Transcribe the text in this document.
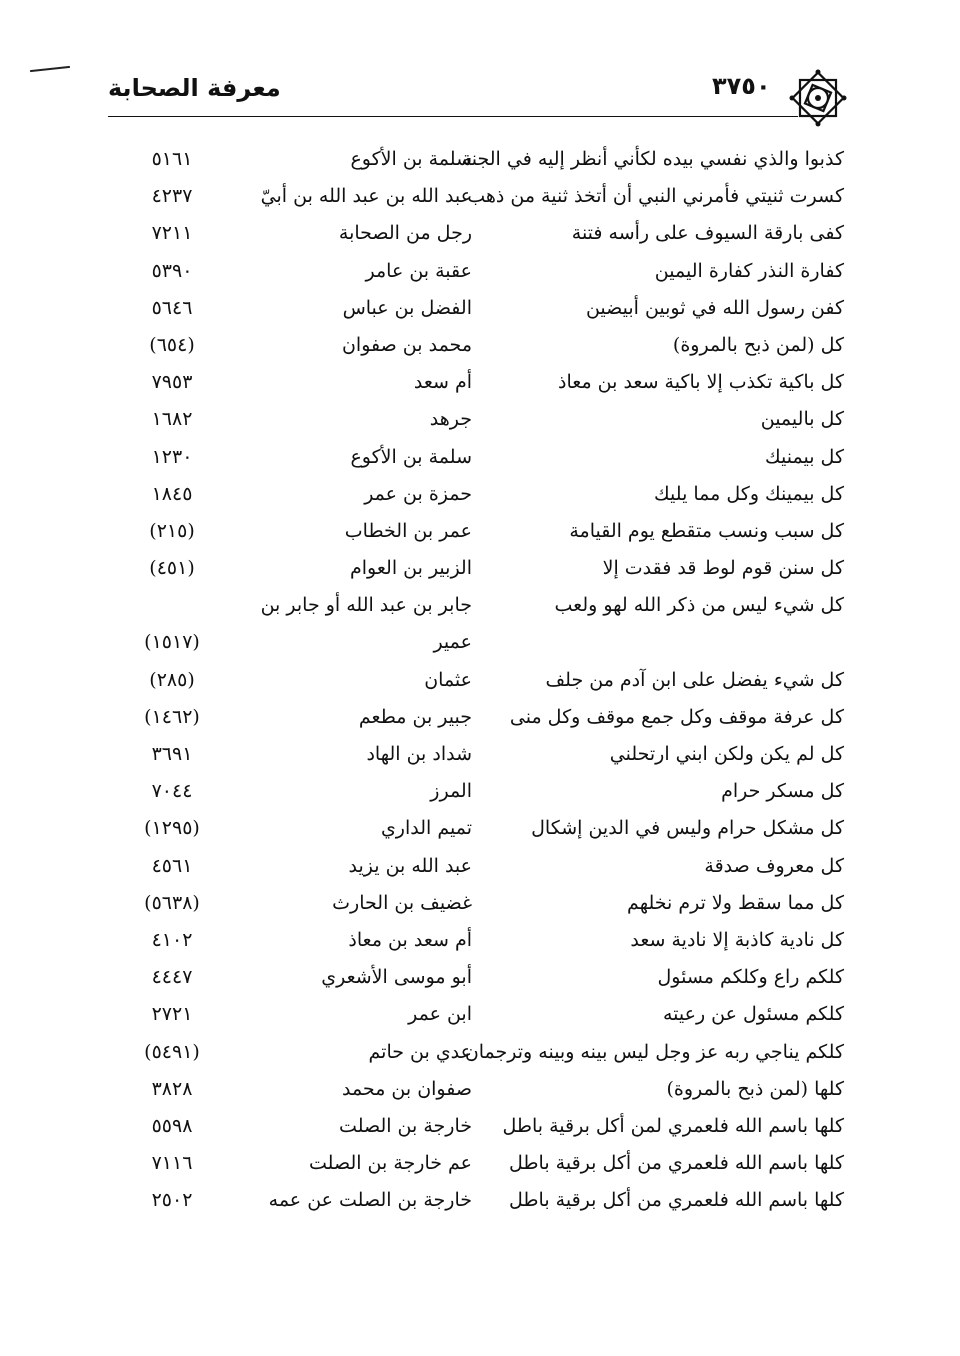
معرفة الصحابة	٣٧٥٠
كذبوا والذي نفسي بيده لكأني أنظر إليه في الجنة
سلمة بن الأكوع
٥١٦١
كسرت ثنيتي فأمرني النبي أن أتخذ ثنية من ذهب
عبد الله بن عبد الله بن أبيّ
٤٢٣٧
كفى بارقة السيوف على رأسه فتنة
رجل من الصحابة
٧٢١١
كفارة النذر كفارة اليمين
عقبة بن عامر
٥٣٩٠
كفن رسول الله في ثوبين أبيضين
الفضل بن عباس
٥٦٤٦
كل (لمن ذبح بالمروة)
محمد بن صفوان
(٦٥٤)
كل باكية تكذب إلا باكية سعد بن معاذ
أم سعد
٧٩٥٣
كل باليمين
جرهد
١٦٨٢
كل بيمنيك
سلمة بن الأكوع
١٢٣٠
كل بيمينك وكل مما يليك
حمزة بن عمر
١٨٤٥
كل سبب ونسب متقطع يوم القيامة
عمر بن الخطاب
(٢١٥)
كل سنن قوم لوط قد فقدت إلا
الزبير بن العوام
(٤٥١)
كل شيء ليس من ذكر الله لهو ولعب
جابر بن عبد الله أو جابر بن
عمير
(١٥١٧)
كل شيء يفضل على ابن آدم من جلف
عثمان
(٢٨٥)
كل عرفة موقف وكل جمع موقف وكل منى
جبير بن مطعم
(١٤٦٢)
كل لم يكن ولكن ابني ارتحلني
شداد بن الهاد
٣٦٩١
كل مسكر حرام
المرز
٧٠٤٤
كل مشكل حرام وليس في الدين إشكال
تميم الداري
(١٢٩٥)
كل معروف صدقة
عبد الله بن يزيد
٤٥٦١
كل مما سقط ولا ترم نخلهم
غضيف بن الحارث
(٥٦٣٨)
كل نادية كاذبة إلا نادية سعد
أم سعد بن معاذ
٤١٠٢
كلكم راع وكلكم مسئول
أبو موسى الأشعري
٤٤٤٧
كلكم مسئول عن رعيته
ابن عمر
٢٧٢١
كلكم يناجي ربه عز وجل ليس بينه وبينه وترجمان
عدي بن حاتم
(٥٤٩١)
كلها (لمن ذبح بالمروة)
صفوان بن محمد
٣٨٢٨
كلها باسم الله فلعمري لمن أكل برقية باطل
خارجة بن الصلت
٥٥٩٨
كلها باسم الله فلعمري من أكل برقية باطل
عم خارجة بن الصلت
٧١١٦
كلها باسم الله فلعمري من أكل برقية باطل
خارجة بن الصلت عن عمه
٢٥٠٢
